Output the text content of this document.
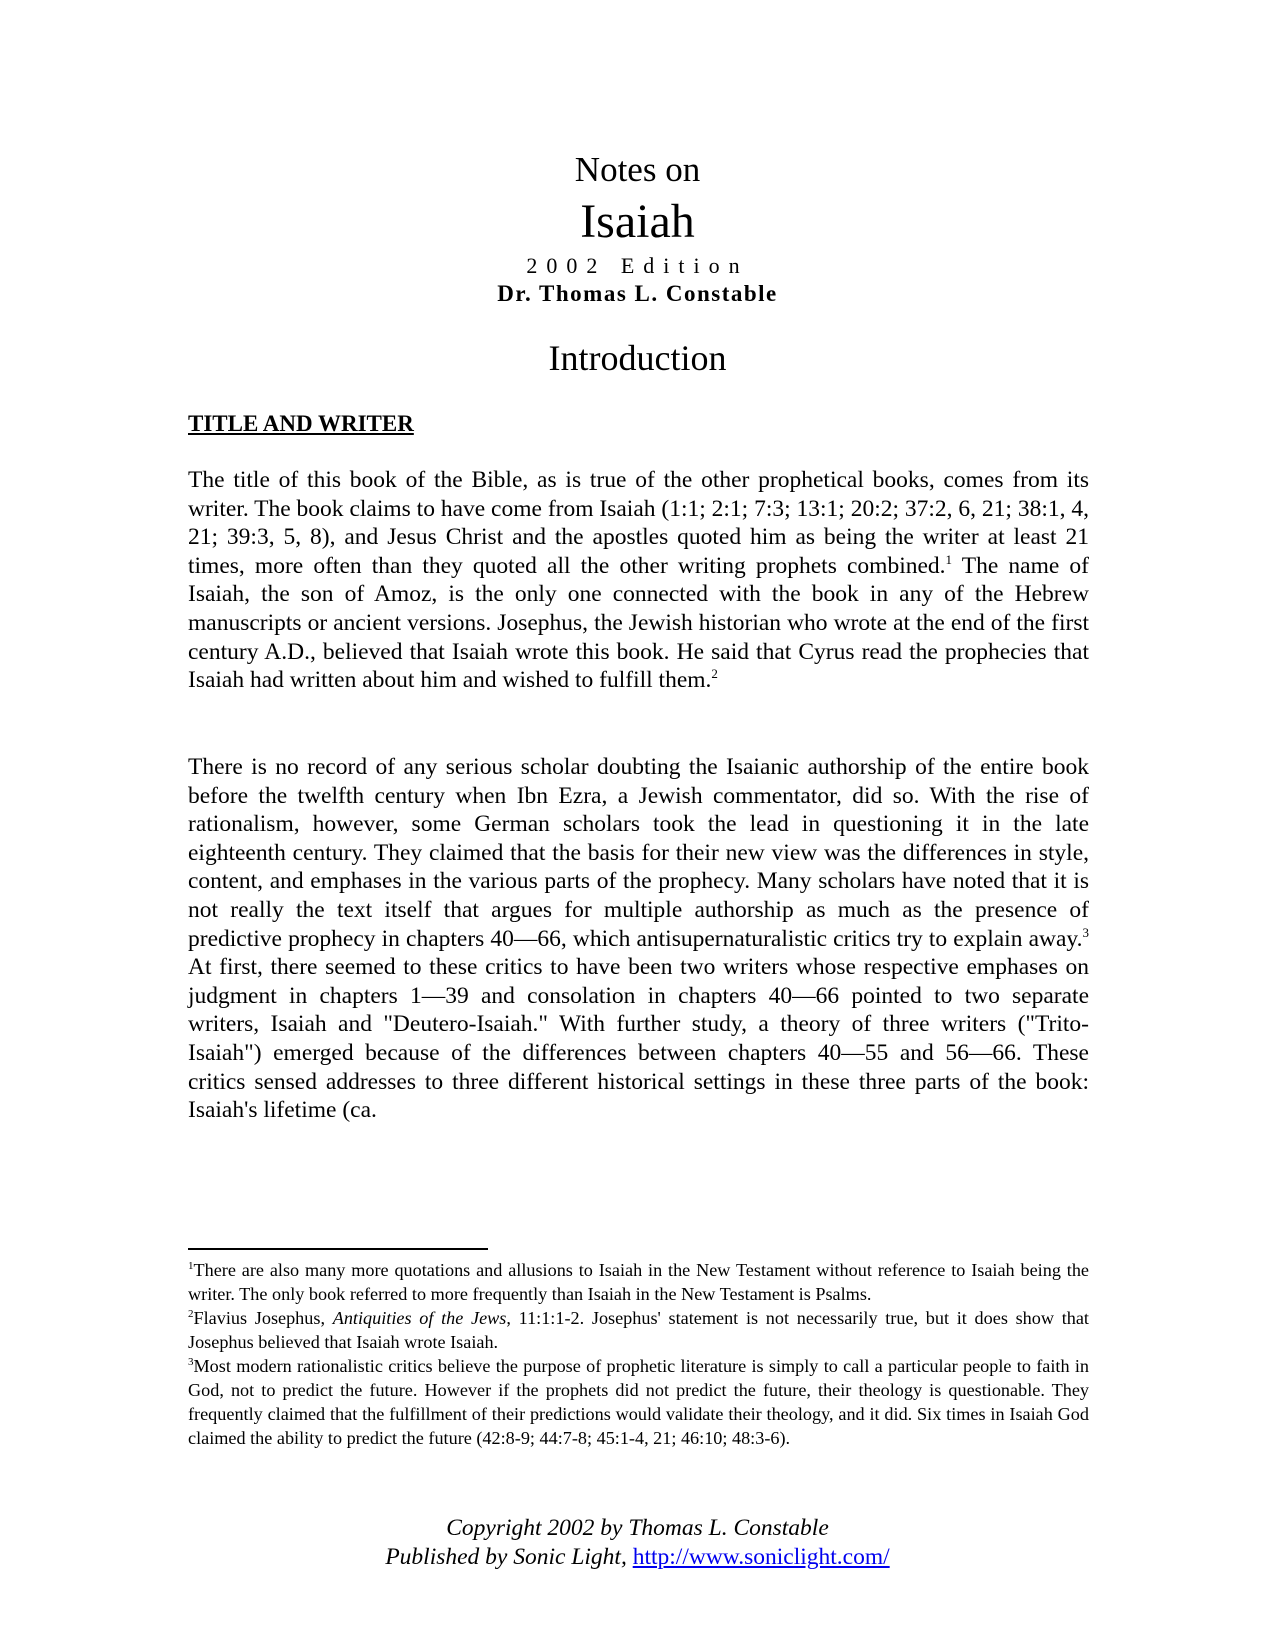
Notes on
Isaiah
2002 Edition
Dr. Thomas L. Constable
Introduction
TITLE AND WRITER

The title of this book of the Bible, as is true of the other prophetical books, comes from its writer. The book claims to have come from Isaiah (1:1; 2:1; 7:3; 13:1; 20:2; 37:2, 6, 21; 38:1, 4, 21; 39:3, 5, 8), and Jesus Christ and the apostles quoted him as being the writer at least 21 times, more often than they quoted all the other writing prophets combined.$^1$ The name of Isaiah, the son of Amoz, is the only one connected with the book in any of the Hebrew manuscripts or ancient versions. Josephus, the Jewish historian who wrote at the end of the first century A.D., believed that Isaiah wrote this book. He said that Cyrus read the prophecies that Isaiah had written about him and wished to fulfill them.$^2$

There is no record of any serious scholar doubting the Isaianic authorship of the entire book before the twelfth century when Ibn Ezra, a Jewish commentator, did so. With the rise of rationalism, however, some German scholars took the lead in questioning it in the late eighteenth century. They claimed that the basis for their new view was the differences in style, content, and emphases in the various parts of the prophecy. Many scholars have noted that it is not really the text itself that argues for multiple authorship as much as the presence of predictive prophecy in chapters 40—66, which antisupernaturalistic critics try to explain away.$^3$ At first, there seemed to these critics to have been two writers whose respective emphases on judgment in chapters 1—39 and consolation in chapters 40—66 pointed to two separate writers, Isaiah and "Deutero-Isaiah." With further study, a theory of three writers ("Trito-Isaiah") emerged because of the differences between chapters 40—55 and 56—66. These critics sensed addresses to three different historical settings in these three parts of the book: Isaiah's lifetime (ca.

$^1$There are also many more quotations and allusions to Isaiah in the New Testament without reference to Isaiah being the writer. The only book referred to more frequently than Isaiah in the New Testament is Psalms.

$^2$Flavius Josephus, Antiquities of the Jews, 11:1:1-2. Josephus' statement is not necessarily true, but it does show that Josephus believed that Isaiah wrote Isaiah.

$^3$Most modern rationalistic critics believe the purpose of prophetic literature is simply to call a particular people to faith in God, not to predict the future. However if the prophets did not predict the future, their theology is questionable. They frequently claimed that the fulfillment of their predictions would validate their theology, and it did. Six times in Isaiah God claimed the ability to predict the future (42:8-9; 44:7-8; 45:1-4, 21; 46:10; 48:3-6).

Copyright 2002 by Thomas L. Constable
Published by Sonic Light, http://www.soniclight.com/
